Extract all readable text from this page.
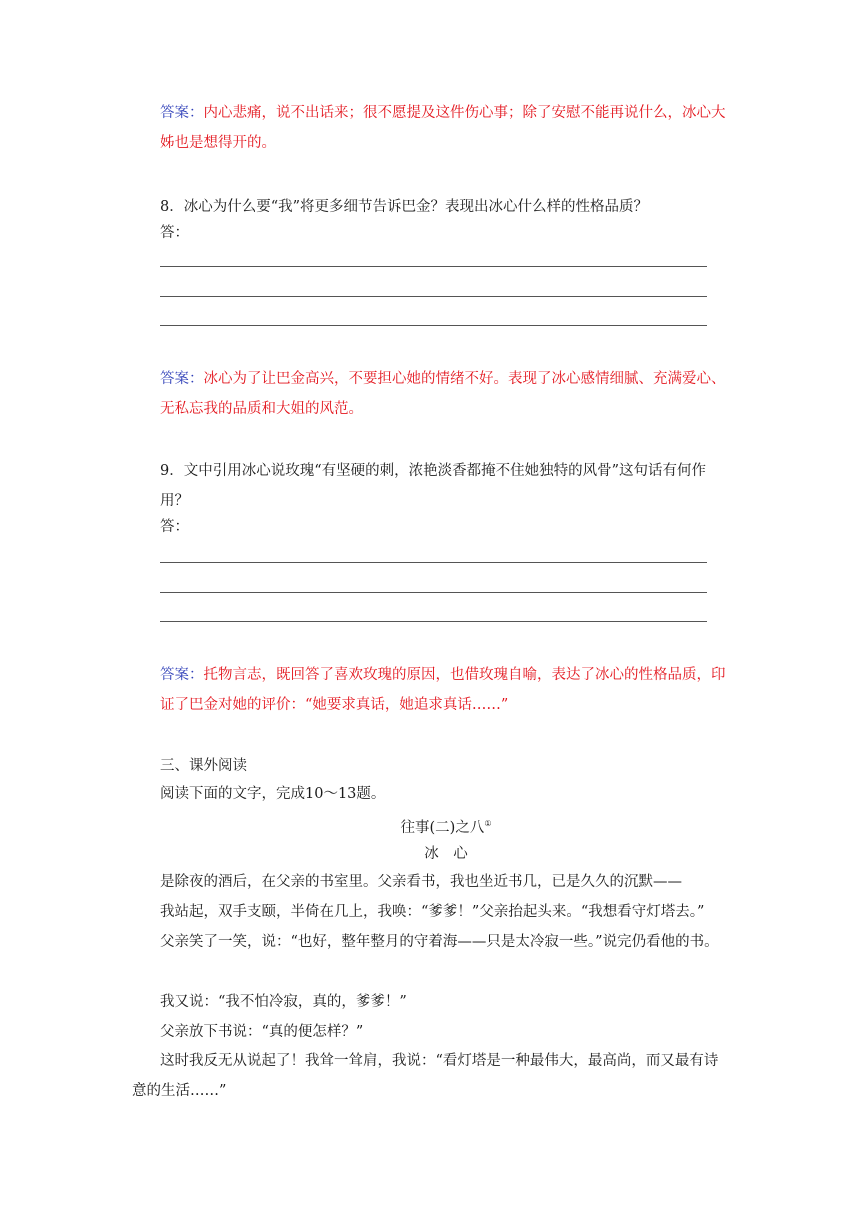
答案：内心悲痛，说不出话来；很不愿提及这件伤心事；除了安慰不能再说什么，冰心大姊也是想得开的。
8．冰心为什么要“我”将更多细节告诉巴金？表现出冰心什么样的性格品质？
答：
答案：冰心为了让巴金高兴，不要担心她的情绪不好。表现了冰心感情细腻、充满爱心、无私忘我的品质和大姐的风范。
9．文中引用冰心说玫瑰“有坚硬的刺，浓艳淡香都掩不住她独特的风骨”这句话有何作用？
答：
答案：托物言志，既回答了喜欢玫瑰的原因，也借玫瑰自喻，表达了冰心的性格品质，印证了巴金对她的评价：“她要求真话，她追求真话……”
三、课外阅读
阅读下面的文字，完成10～13题。
往事(二)之八①
冰　心
是除夜的酒后，在父亲的书室里。父亲看书，我也坐近书几，已是久久的沉默——
我站起，双手支颐，半倚在几上，我唤：“爹爹！”父亲抬起头来。“我想看守灯塔去。”
父亲笑了一笑，说：“也好，整年整月的守着海——只是太冷寂一些。”说完仍看他的书。
我又说：“我不怕冷寂，真的，爹爹！”
父亲放下书说：“真的便怎样？”
这时我反无从说起了！我耸一耸肩，我说：“看灯塔是一种最伟大，最高尚，而又最有诗意的生活……”
